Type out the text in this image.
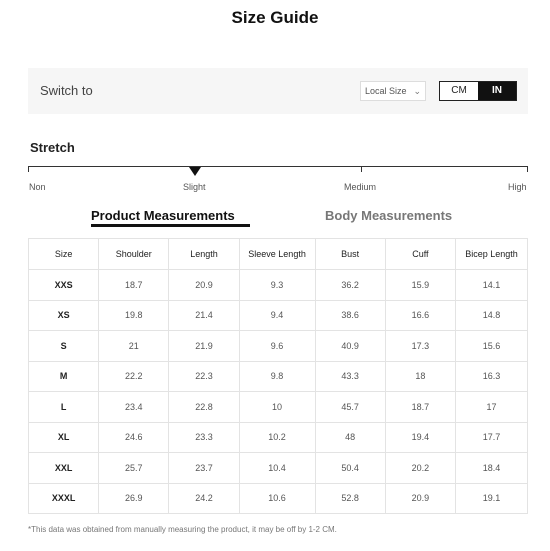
Size Guide
Switch to	Local Size ⌄	CM	IN
Stretch
Non	Slight	Medium	High
Product Measurements	Body Measurements
Size	Shoulder	Length	Sleeve Length	Bust	Cuff	Bicep Length
XXS	18.7	20.9	9.3	36.2	15.9	14.1
XS	19.8	21.4	9.4	38.6	16.6	14.8
S	21	21.9	9.6	40.9	17.3	15.6
M	22.2	22.3	9.8	43.3	18	16.3
L	23.4	22.8	10	45.7	18.7	17
XL	24.6	23.3	10.2	48	19.4	17.7
XXL	25.7	23.7	10.4	50.4	20.2	18.4
XXXL	26.9	24.2	10.6	52.8	20.9	19.1
*This data was obtained from manually measuring the product, it may be off by 1-2 CM.
